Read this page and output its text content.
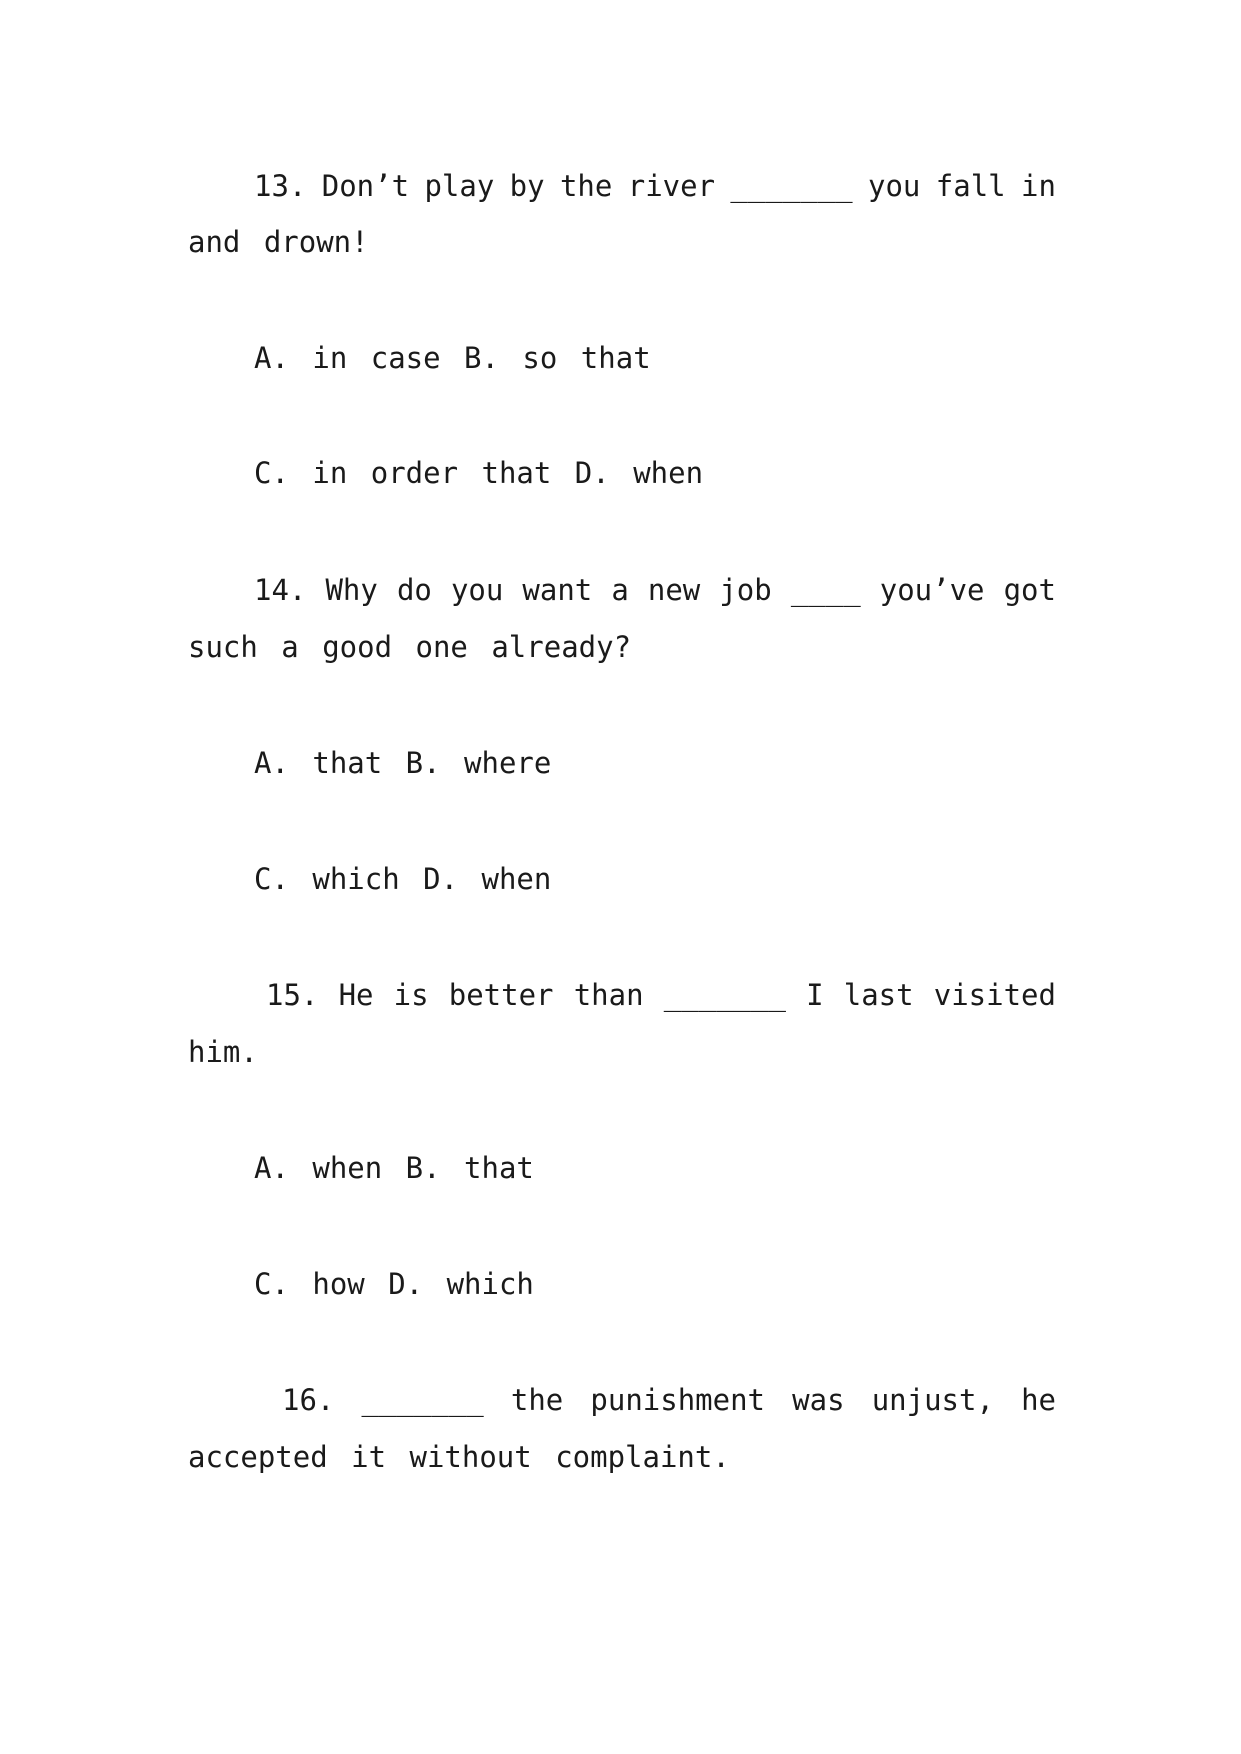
13. Don’t play by the river _______ you fall in
and drown!
A. in case B. so that
C. in order that D. when
14. Why do you want a new job ____ you’ve got
such a good one already?
A. that B. where
C. which D. when
15. He is better than _______ I last visited
him.
A. when B. that
C. how D. which
16. _______ the punishment was unjust, he
accepted it without complaint.
